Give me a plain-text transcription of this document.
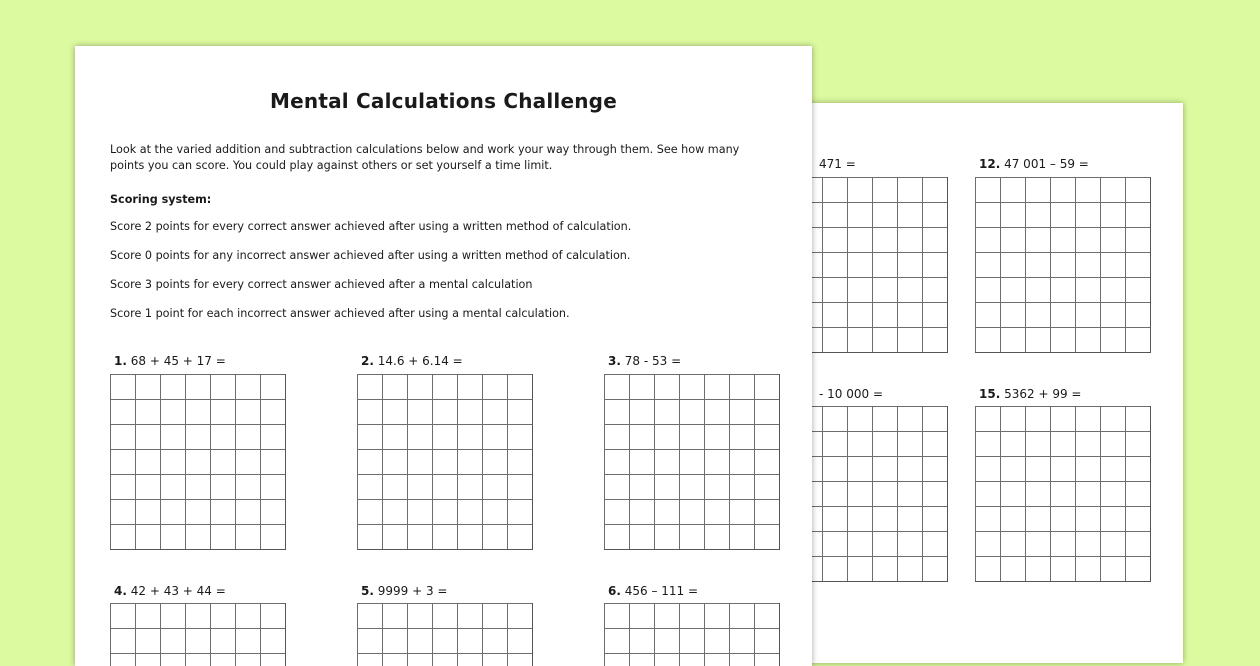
471 =	12. 47 001 – 59 =
- 10 000 =	15. 5362 + 99 =
Mental Calculations Challenge
Look at the varied addition and subtraction calculations below and work your way through them. See how many
points you can score. You could play against others or set yourself a time limit.
Scoring system:
Score 2 points for every correct answer achieved after using a written method of calculation.
Score 0 points for any incorrect answer achieved after using a written method of calculation.
Score 3 points for every correct answer achieved after a mental calculation
Score 1 point for each incorrect answer achieved after using a mental calculation.
1. 68 + 45 + 17 =	2. 14.6 + 6.14 =	3. 78 - 53 =
4. 42 + 43 + 44 =	5. 9999 + 3 =	6. 456 – 111 =
